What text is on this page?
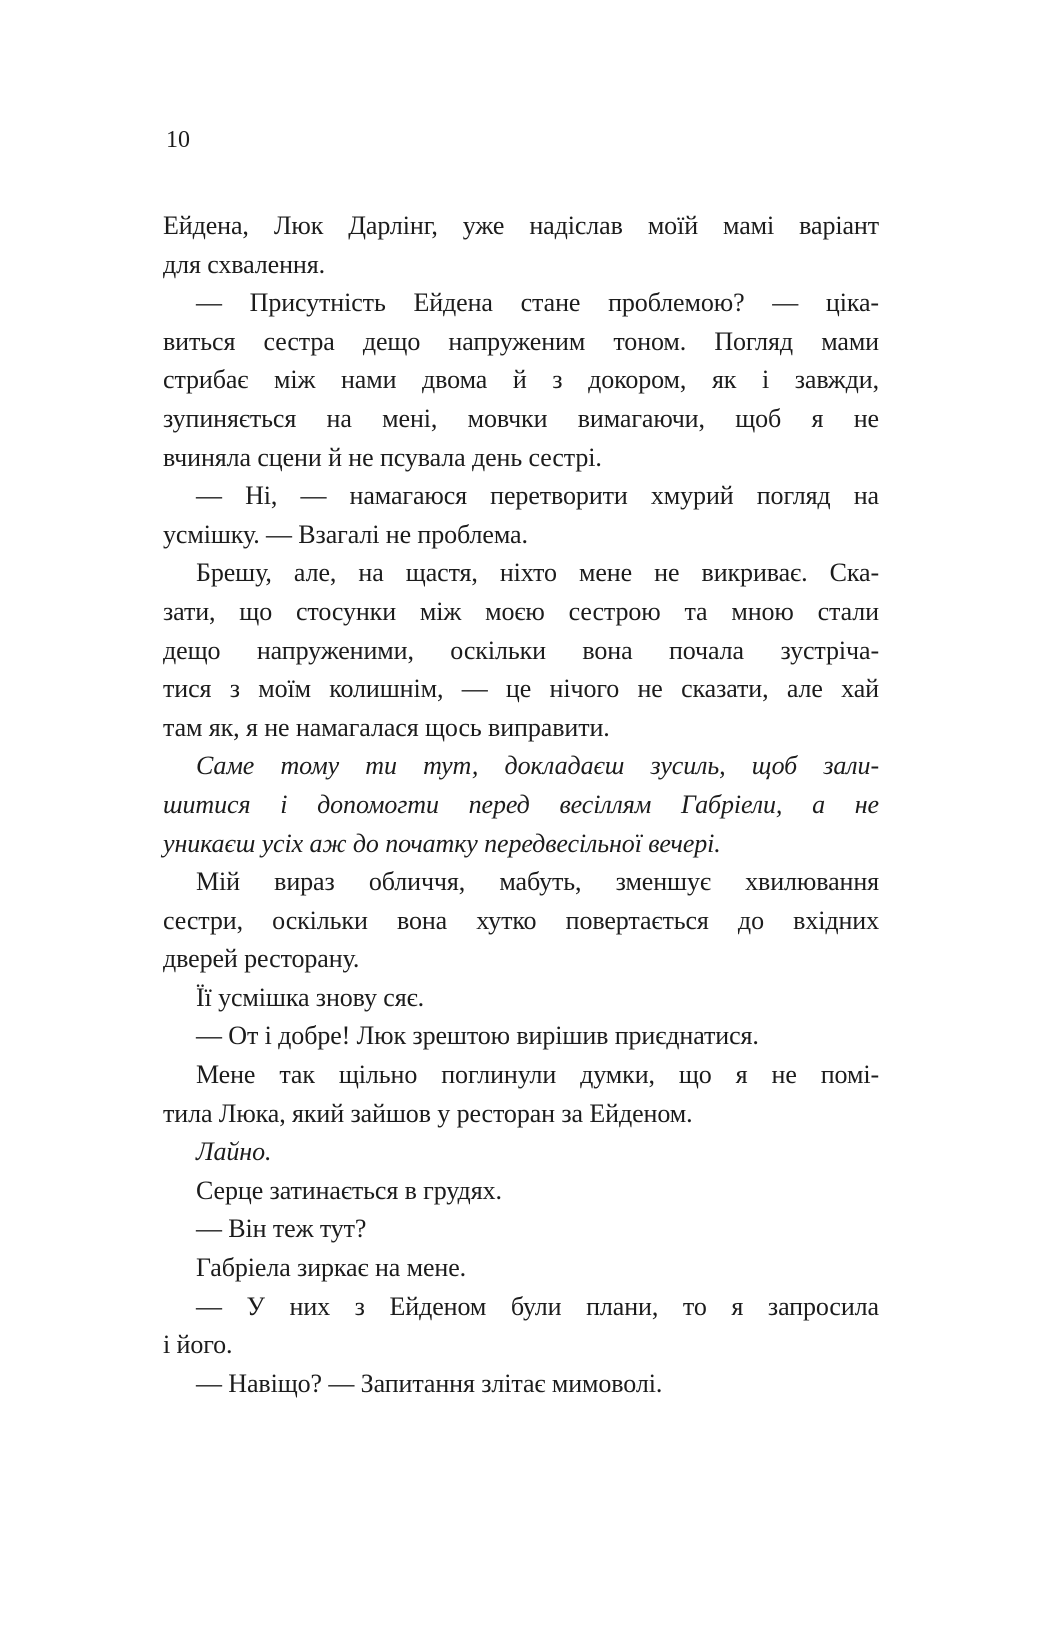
10
Ейдена, Люк Дарлінг, уже надіслав моїй мамі варіант
для схвалення.
— Присутність Ейдена стане проблемою? — ціка-
виться сестра дещо напруженим тоном. Погляд мами
стрибає між нами двома й з докором, як і завжди,
зупиняється на мені, мовчки вимагаючи, щоб я не
вчиняла сцени й не псувала день сестрі.
— Ні, — намагаюся перетворити хмурий погляд на
усмішку. — Взагалі не проблема.
Брешу, але, на щастя, ніхто мене не викриває. Ска-
зати, що стосунки між моєю сестрою та мною стали
дещо напруженими, оскільки вона почала зустріча-
тися з моїм колишнім, — це нічого не сказати, але хай
там як, я не намагалася щось виправити.
Саме тому ти тут, докладаєш зусиль, щоб зали-
шитися і допомогти перед весіллям Габріели, а не
уникаєш усіх аж до початку передвесільної вечері.
Мій вираз обличчя, мабуть, зменшує хвилювання
сестри, оскільки вона хутко повертається до вхідних
дверей ресторану.
Її усмішка знову сяє.
— От і добре! Люк зрештою вирішив приєднатися.
Мене так щільно поглинули думки, що я не помі-
тила Люка, який зайшов у ресторан за Ейденом.
Лайно.
Серце затинається в грудях.
— Він теж тут?
Габріела зиркає на мене.
— У них з Ейденом були плани, то я запросила
і його.
— Навіщо? — Запитання злітає мимоволі.
